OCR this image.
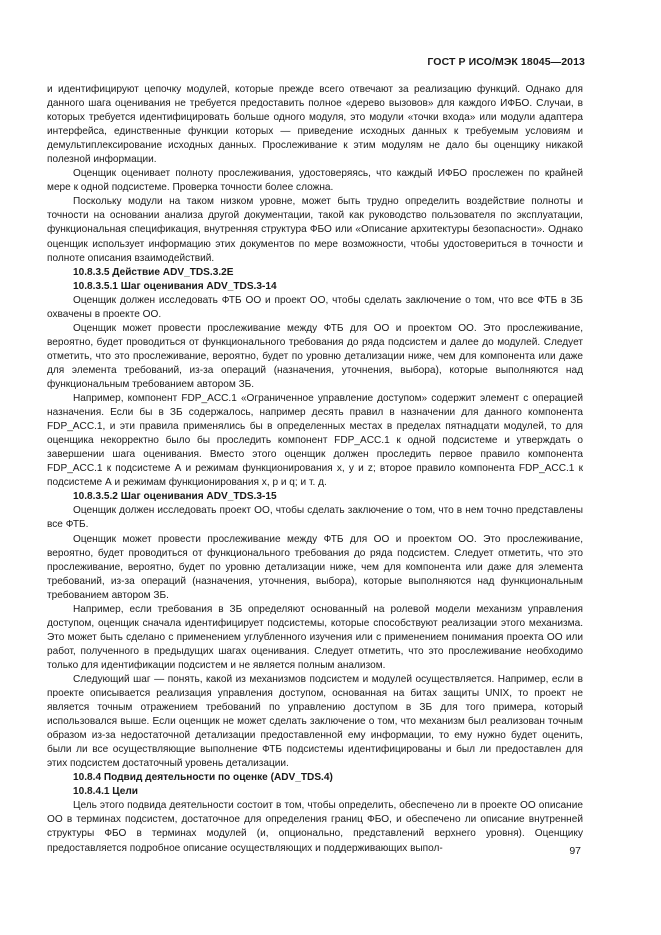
ГОСТ Р ИСО/МЭК 18045—2013

и идентифицируют цепочку модулей, которые прежде всего отвечают за реализацию функций. Однако для данного шага оценивания не требуется предоставить полное «дерево вызовов» для каждого ИФБО. Случаи, в которых требуется идентифицировать больше одного модуля, это модули «точки входа» или модули адаптера интерфейса, единственные функции которых — приведение исходных данных к требуемым условиям и демультиплексирование исходных данных. Прослеживание к этим модулям не дало бы оценщику никакой полезной информации.

Оценщик оценивает полноту прослеживания, удостоверяясь, что каждый ИФБО прослежен по крайней мере к одной подсистеме. Проверка точности более сложна.

Поскольку модули на таком низком уровне, может быть трудно определить воздействие полноты и точности на основании анализа другой документации, такой как руководство пользователя по эксплуатации, функциональная спецификация, внутренняя структура ФБО или «Описание архитектуры безопасности». Однако оценщик использует информацию этих документов по мере возможности, чтобы удостовериться в точности и полноте описания взаимодействий.

10.8.3.5 Действие ADV_TDS.3.2E

10.8.3.5.1 Шаг оценивания ADV_TDS.3-14

Оценщик должен исследовать ФТБ ОО и проект ОО, чтобы сделать заключение о том, что все ФТБ в ЗБ охвачены в проекте ОО.

Оценщик может провести прослеживание между ФТБ для ОО и проектом ОО. Это прослеживание, вероятно, будет проводиться от функционального требования до ряда подсистем и далее до модулей. Следует отметить, что это прослеживание, вероятно, будет по уровню детализации ниже, чем для компонента или даже для элемента требований, из-за операций (назначения, уточнения, выбора), которые выполняются над функциональным требованием автором ЗБ.

Например, компонент FDP_ACC.1 «Ограниченное управление доступом» содержит элемент с операцией назначения. Если бы в ЗБ содержалось, например десять правил в назначении для данного компонента FDP_ACC.1, и эти правила применялись бы в определенных местах в пределах пятнадцати модулей, то для оценщика некорректно было бы проследить компонент FDP_ACC.1 к одной подсистеме и утверждать о завершении шага оценивания. Вместо этого оценщик должен проследить первое правило компонента FDP_ACC.1 к подсистеме А и режимам функционирования x, y и z; второе правило компонента FDP_ACC.1 к подсистеме А и режимам функционирования x, p и q; и т. д.

10.8.3.5.2 Шаг оценивания ADV_TDS.3-15

Оценщик должен исследовать проект ОО, чтобы сделать заключение о том, что в нем точно представлены все ФТБ.

Оценщик может провести прослеживание между ФТБ для ОО и проектом ОО. Это прослеживание, вероятно, будет проводиться от функционального требования до ряда подсистем. Следует отметить, что это прослеживание, вероятно, будет по уровню детализации ниже, чем для компонента или даже для элемента требований, из-за операций (назначения, уточнения, выбора), которые выполняются над функциональным требованием автором ЗБ.

Например, если требования в ЗБ определяют основанный на ролевой модели механизм управления доступом, оценщик сначала идентифицирует подсистемы, которые способствуют реализации этого механизма. Это может быть сделано с применением углубленного изучения или с применением понимания проекта ОО или работ, полученного в предыдущих шагах оценивания. Следует отметить, что это прослеживание необходимо только для идентификации подсистем и не является полным анализом.

Следующий шаг — понять, какой из механизмов подсистем и модулей осуществляется. Например, если в проекте описывается реализация управления доступом, основанная на битах защиты UNIX, то проект не является точным отражением требований по управлению доступом в ЗБ для того примера, который использовался выше. Если оценщик не может сделать заключение о том, что механизм был реализован точным образом из-за недостаточной детализации предоставленной ему информации, то ему нужно будет оценить, были ли все осуществляющие выполнение ФТБ подсистемы идентифицированы и был ли предоставлен для этих подсистем достаточный уровень детализации.

10.8.4 Подвид деятельности по оценке (ADV_TDS.4)

10.8.4.1 Цели

Цель этого подвида деятельности состоит в том, чтобы определить, обеспечено ли в проекте ОО описание ОО в терминах подсистем, достаточное для определения границ ФБО, и обеспечено ли описание внутренней структуры ФБО в терминах модулей (и, опционально, представлений верхнего уровня). Оценщику предоставляется подробное описание осуществляющих и поддерживающих выпол-	97
